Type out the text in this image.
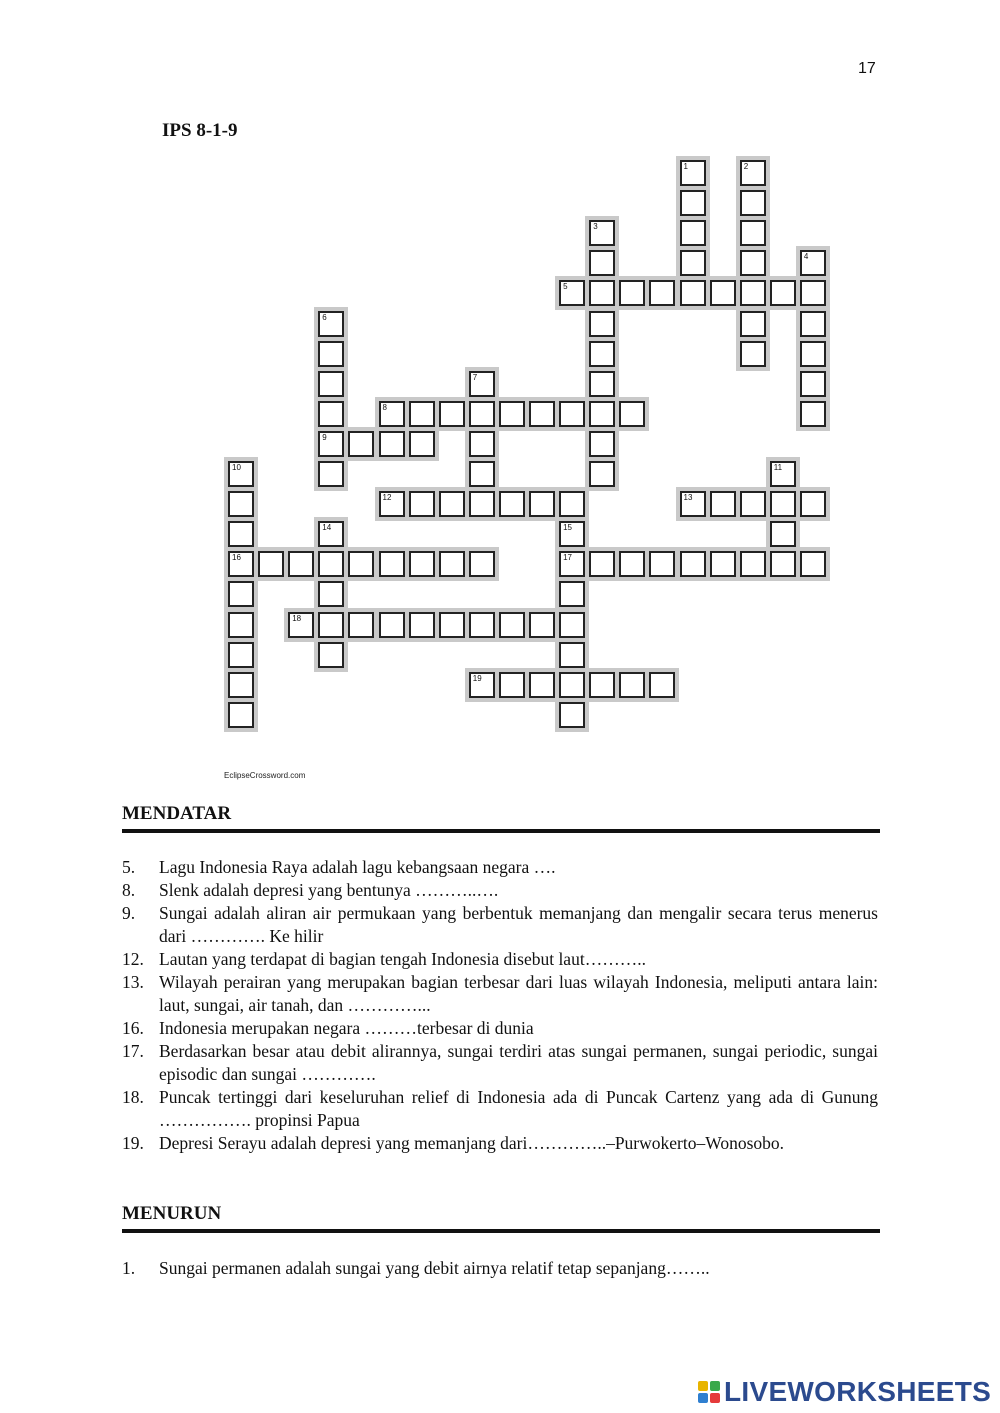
17
IPS 8-1-9
5
8
9
12	13
16	17
18
19
1	2
3
4
6
7
10	11
14	15
EclipseCrossword.com
MENDATAR
5.	Lagu Indonesia Raya adalah lagu kebangsaan negara ….
8.	Slenk adalah depresi yang bentunya ………..….
9.	Sungai adalah aliran air permukaan yang berbentuk memanjang dan mengalir secara terus menerus dari …………. Ke hilir
12. Lautan yang terdapat di bagian tengah Indonesia disebut laut………..
13. Wilayah perairan yang merupakan bagian terbesar dari luas wilayah Indonesia, meliputi antara lain: laut, sungai, air tanah, dan …………...
16. Indonesia merupakan negara ………terbesar di dunia
17. Berdasarkan besar atau debit alirannya, sungai terdiri atas sungai permanen, sungai periodic, sungai episodic dan sungai ………….
18. Puncak tertinggi dari keseluruhan relief di Indonesia ada di Puncak Cartenz yang ada di Gunung ……………. propinsi Papua
19. Depresi Serayu adalah depresi yang memanjang dari…………..–Purwokerto–Wonosobo.
MENURUN
1.	Sungai permanen adalah sungai yang debit airnya relatif tetap sepanjang……..
LIVEWORKSHEETS
